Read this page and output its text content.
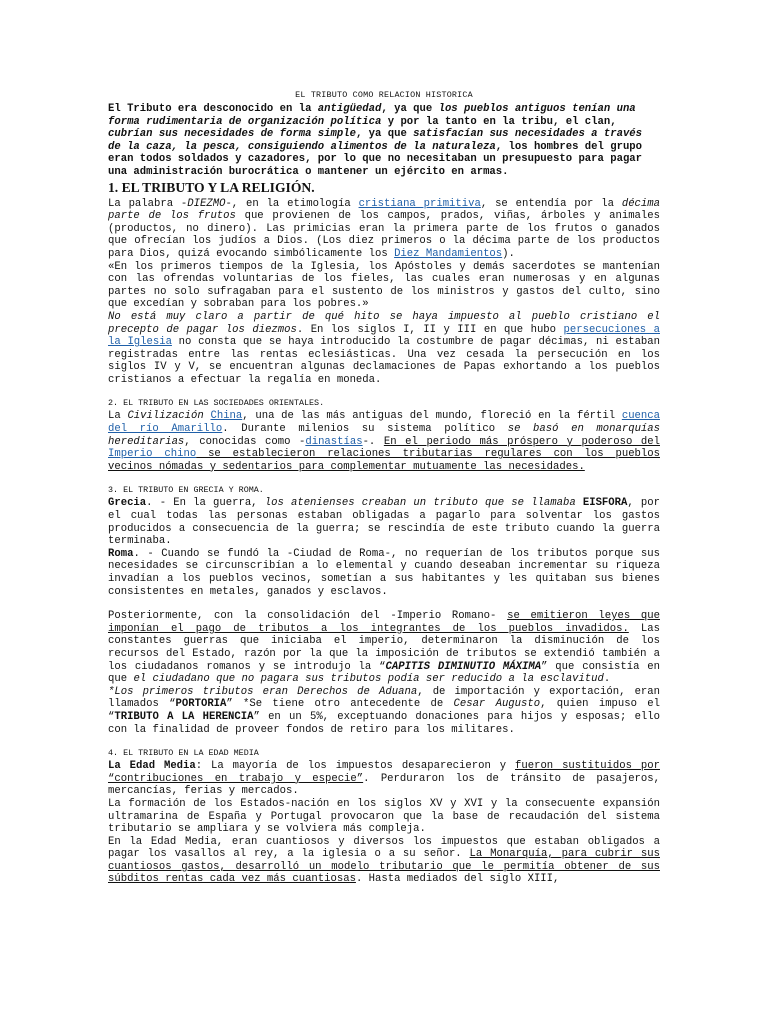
EL TRIBUTO COMO RELACION HISTORICA

El Tributo era desconocido en la antigüedad, ya que los pueblos antiguos tenían una forma rudimentaria de organización política y por la tanto en la tribu, el clan, cubrían sus necesidades de forma simple, ya que satisfacían sus necesidades a través de la caza, la pesca, consiguiendo alimentos de la naturaleza, los hombres del grupo eran todos soldados y cazadores, por lo que no necesitaban un presupuesto para pagar una administración burocrática o mantener un ejército en armas.

1. EL TRIBUTO Y LA RELIGIÓN.

La palabra -DIEZMO-, en la etimología cristiana primitiva, se entendía por la décima parte de los frutos que provienen de los campos, prados, viñas, árboles y animales (productos, no dinero). Las primicias eran la primera parte de los frutos o ganados que ofrecían los judíos a Dios. (Los diez primeros o la décima parte de los productos para Dios, quizá evocando simbólicamente los Diez Mandamientos).

«En los primeros tiempos de la Iglesia, los Apóstoles y demás sacerdotes se mantenían con las ofrendas voluntarias de los fieles, las cuales eran numerosas y en algunas partes no solo sufragaban para el sustento de los ministros y gastos del culto, sino que excedían y sobraban para los pobres.»

No está muy claro a partir de qué hito se haya impuesto al pueblo cristiano el precepto de pagar los diezmos. En los siglos I, II y III en que hubo persecuciones a la Iglesia no consta que se haya introducido la costumbre de pagar décimas, ni estaban registradas entre las rentas eclesiásticas. Una vez cesada la persecución en los siglos IV y V, se encuentran algunas declamaciones de Papas exhortando a los pueblos cristianos a efectuar la regalía en moneda.

2. EL TRIBUTO EN LAS SOCIEDADES ORIENTALES.

La Civilización China, una de las más antiguas del mundo, floreció en la fértil cuenca del río Amarillo. Durante milenios su sistema político se basó en monarquías hereditarias, conocidas como -dinastías-. En el periodo más próspero y poderoso del Imperio chino se establecieron relaciones tributarias regulares con los pueblos vecinos nómadas y sedentarios para complementar mutuamente las necesidades.

3. EL TRIBUTO EN GRECIA Y ROMA.

Grecia. - En la guerra, los atenienses creaban un tributo que se llamaba EISFORA, por el cual todas las personas estaban obligadas a pagarlo para solventar los gastos producidos a consecuencia de la guerra; se rescindía de este tributo cuando la guerra terminaba.

Roma. - Cuando se fundó la -Ciudad de Roma-, no requerían de los tributos porque sus necesidades se circunscribían a lo elemental y cuando deseaban incrementar su riqueza invadían a los pueblos vecinos, sometían a sus habitantes y les quitaban sus bienes consistentes en metales, ganados y esclavos.

Posteriormente, con la consolidación del -Imperio Romano- se emitieron leyes que imponían el pago de tributos a los integrantes de los pueblos invadidos. Las constantes guerras que iniciaba el imperio, determinaron la disminución de los recursos del Estado, razón por la que la imposición de tributos se extendió también a los ciudadanos romanos y se introdujo la “CAPITIS DIMINUTIO MÁXIMA” que consistía en que el ciudadano que no pagara sus tributos podía ser reducido a la esclavitud.
*Los primeros tributos eran Derechos de Aduana, de importación y exportación, eran llamados “PORTORIA” *Se tiene otro antecedente de Cesar Augusto, quien impuso el “TRIBUTO A LA HERENCIA” en un 5%, exceptuando donaciones para hijos y esposas; ello con la finalidad de proveer fondos de retiro para los militares.

4. EL TRIBUTO EN LA EDAD MEDIA

La Edad Media: La mayoría de los impuestos desaparecieron y fueron sustituidos por “contribuciones en trabajo y especie”. Perduraron los de tránsito de pasajeros, mercancías, ferias y mercados.

La formación de los Estados-nación en los siglos XV y XVI y la consecuente expansión ultramarina de España y Portugal provocaron que la base de recaudación del sistema tributario se ampliara y se volviera más compleja.

En la Edad Media, eran cuantiosos y diversos los impuestos que estaban obligados a pagar los vasallos al rey, a la iglesia o a su señor. La Monarquía, para cubrir sus cuantiosos gastos, desarrolló un modelo tributario que le permitía obtener de sus súbditos rentas cada vez más cuantiosas. Hasta mediados del siglo XIII,
